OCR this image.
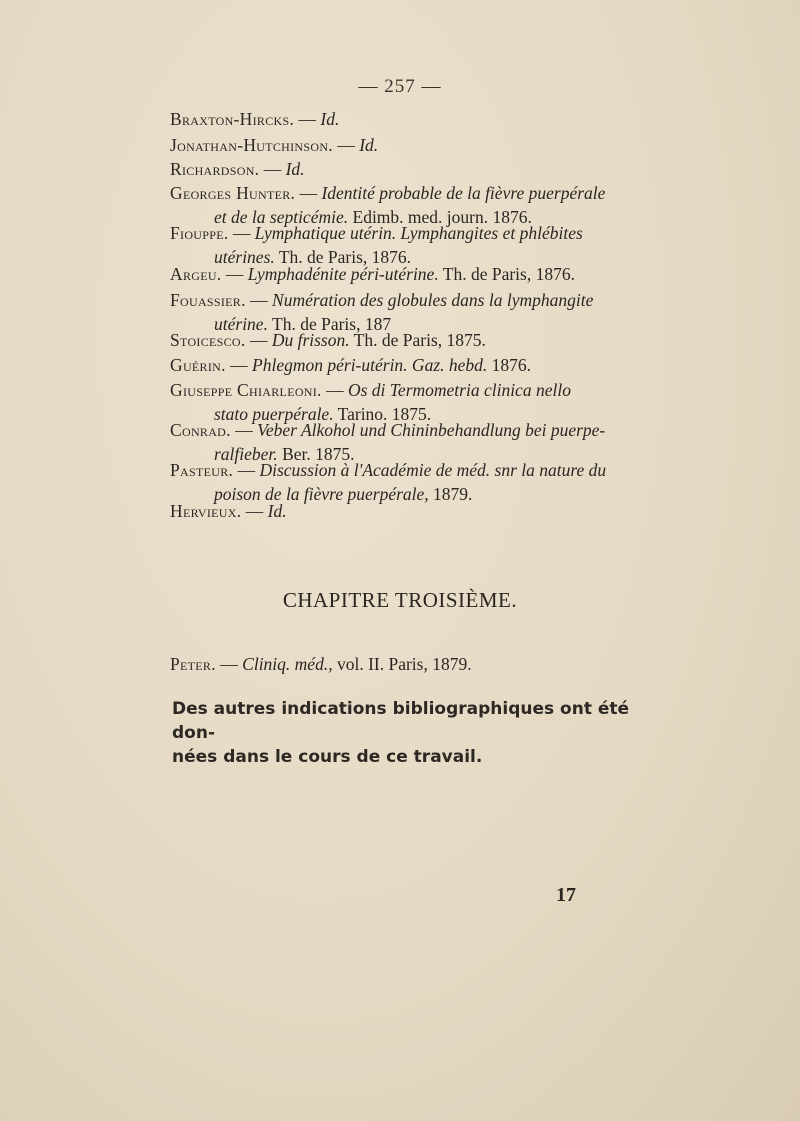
— 257 —
Braxton-Hircks. — Id.
Jonathan-Hutchinson. — Id.
Richardson. — Id.
Georges Hunter. — Identité probable de la fièvre puerpérale
et de la septicémie. Edimb. med. journ. 1876.
Fiouppe. — Lymphatique utérin. Lymphangites et phlébites
utérines. Th. de Paris, 1876.
Argeu. — Lymphadénite péri-utérine. Th. de Paris, 1876.
Fouassier. — Numération des globules dans la lymphangite
utérine. Th. de Paris, 187
Stoicesco. — Du frisson. Th. de Paris, 1875.
Guérin. — Phlegmon péri-utérin. Gaz. hebd. 1876.
Giuseppe Chiarleoni. — Os di Termometria clinica nello
stato puerpérale. Tarino. 1875.
Conrad. — Veber Alkohol und Chininbehandlung bei puerpe-
ralfieber. Ber. 1875.
Pasteur. — Discussion à l'Académie de méd. snr la nature du
poison de la fièvre puerpérale, 1879.
Hervieux. — Id.
CHAPITRE TROISIÈME.
Peter. — Cliniq. méd., vol. II. Paris, 1879.
Des autres indications bibliographiques ont été don-
nées dans le cours de ce travail.
17
